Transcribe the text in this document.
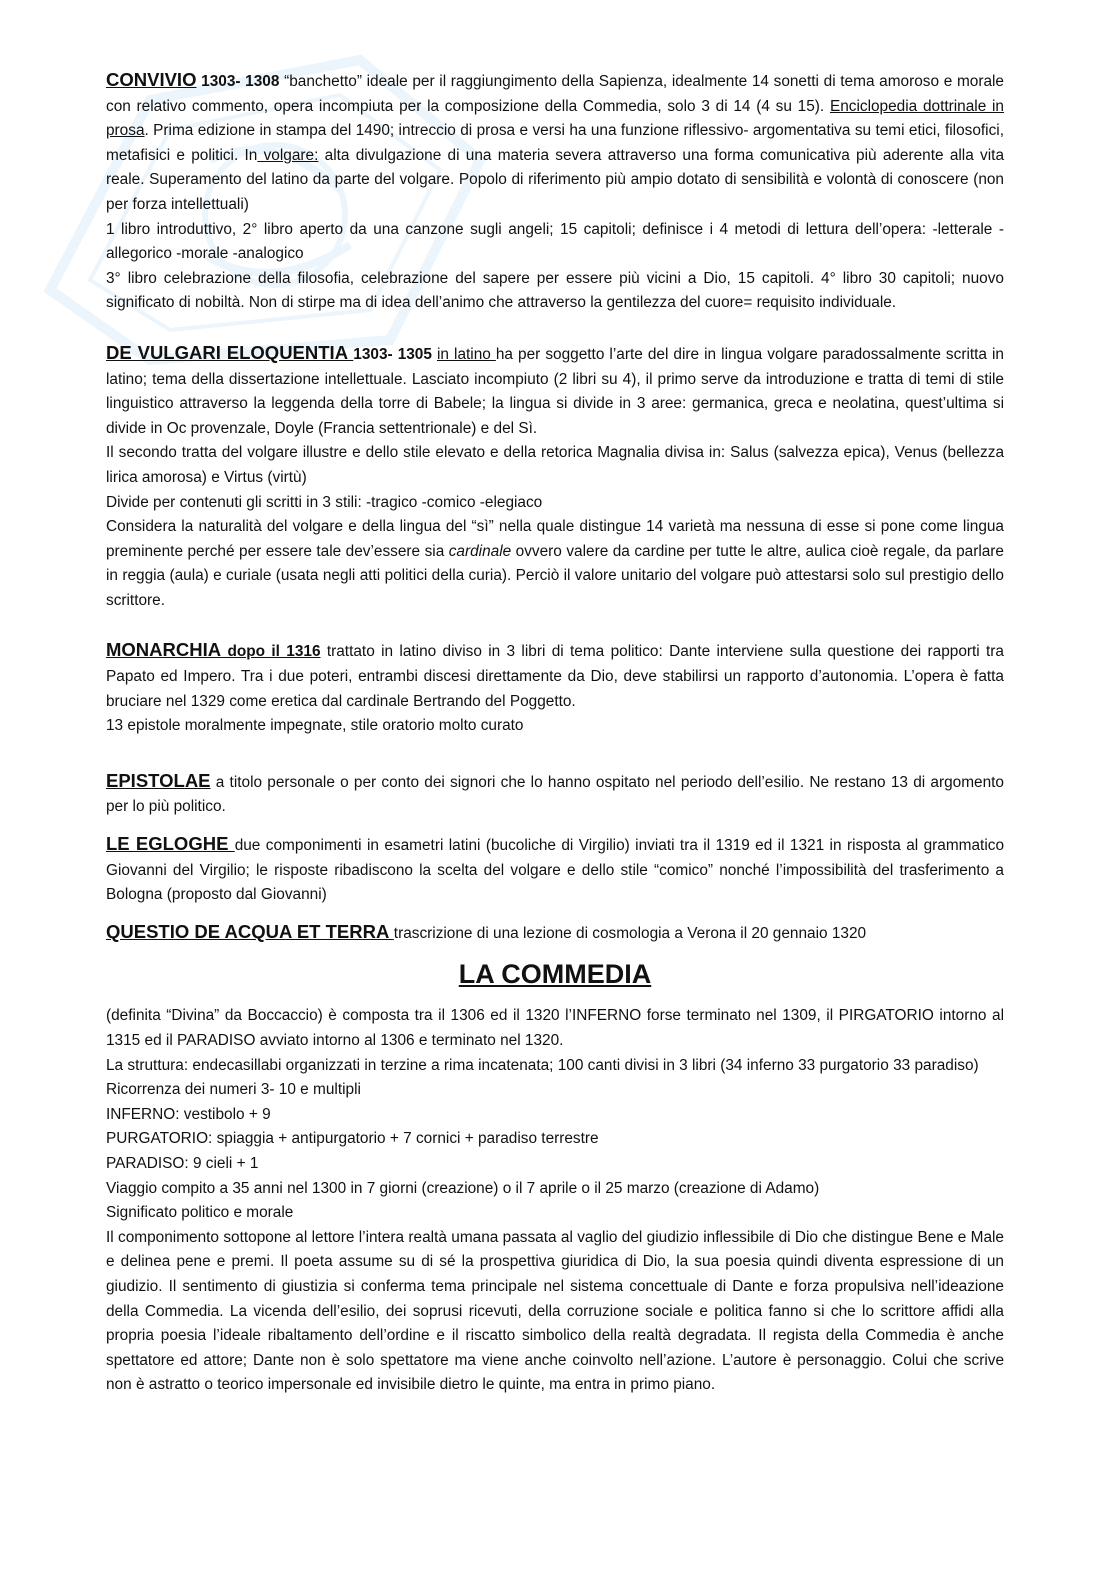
CONVIVIO 1303- 1308 “banchetto” ideale per il raggiungimento della Sapienza, idealmente 14 sonetti di tema amoroso e morale con relativo commento, opera incompiuta per la composizione della Commedia, solo 3 di 14 (4 su 15). Enciclopedia dottrinale in prosa. Prima edizione in stampa del 1490; intreccio di prosa e versi ha una funzione riflessivo- argomentativa su temi etici, filosofici, metafisici e politici. In volgare: alta divulgazione di una materia severa attraverso una forma comunicativa più aderente alla vita reale. Superamento del latino da parte del volgare. Popolo di riferimento più ampio dotato di sensibilità e volontà di conoscere (non per forza intellettuali)

1 libro introduttivo, 2° libro aperto da una canzone sugli angeli; 15 capitoli; definisce i 4 metodi di lettura dell’opera: -letterale -allegorico -morale -analogico

3° libro celebrazione della filosofia, celebrazione del sapere per essere più vicini a Dio, 15 capitoli. 4° libro 30 capitoli; nuovo significato di nobiltà. Non di stirpe ma di idea dell’animo che attraverso la gentilezza del cuore= requisito individuale.

DE VULGARI ELOQUENTIA 1303- 1305 in latino ha per soggetto l’arte del dire in lingua volgare paradossalmente scritta in latino; tema della dissertazione intellettuale. Lasciato incompiuto (2 libri su 4), il primo serve da introduzione e tratta di temi di stile linguistico attraverso la leggenda della torre di Babele; la lingua si divide in 3 aree: germanica, greca e neolatina, quest’ultima si divide in Oc provenzale, Doyle (Francia settentrionale) e del Sì.

Il secondo tratta del volgare illustre e dello stile elevato e della retorica Magnalia divisa in: Salus (salvezza epica), Venus (bellezza lirica amorosa) e Virtus (virtù)

Divide per contenuti gli scritti in 3 stili: -tragico -comico -elegiaco

Considera la naturalità del volgare e della lingua del “sì” nella quale distingue 14 varietà ma nessuna di esse si pone come lingua preminente perché per essere tale dev’essere sia cardinale ovvero valere da cardine per tutte le altre, aulica cioè regale, da parlare in reggia (aula) e curiale (usata negli atti politici della curia). Perciò il valore unitario del volgare può attestarsi solo sul prestigio dello scrittore.

MONARCHIA dopo il 1316 trattato in latino diviso in 3 libri di tema politico: Dante interviene sulla questione dei rapporti tra Papato ed Impero. Tra i due poteri, entrambi discesi direttamente da Dio, deve stabilirsi un rapporto d’autonomia. L’opera è fatta bruciare nel 1329 come eretica dal cardinale Bertrando del Poggetto.

13 epistole moralmente impegnate, stile oratorio molto curato

EPISTOLAE a titolo personale o per conto dei signori che lo hanno ospitato nel periodo dell’esilio. Ne restano 13 di argomento per lo più politico.

LE EGLOGHE due componimenti in esametri latini (bucoliche di Virgilio) inviati tra il 1319 ed il 1321 in risposta al grammatico Giovanni del Virgilio; le risposte ribadiscono la scelta del volgare e dello stile “comico” nonché l’impossibilità del trasferimento a Bologna (proposto dal Giovanni)

QUESTIO DE ACQUA ET TERRA trascrizione di una lezione di cosmologia a Verona il 20 gennaio 1320

LA COMMEDIA

(definita “Divina” da Boccaccio) è composta tra il 1306 ed il 1320 l’INFERNO forse terminato nel 1309, il PIRGATORIO intorno al 1315 ed il PARADISO avviato intorno al 1306 e terminato nel 1320.

La struttura: endecasillabi organizzati in terzine a rima incatenata; 100 canti divisi in 3 libri (34 inferno 33 purgatorio 33 paradiso)

Ricorrenza dei numeri 3- 10 e multipli

INFERNO: vestibolo + 9

PURGATORIO: spiaggia + antipurgatorio + 7 cornici + paradiso terrestre

PARADISO: 9 cieli + 1

Viaggio compito a 35 anni nel 1300 in 7 giorni (creazione) o il 7 aprile o il 25 marzo (creazione di Adamo)

Significato politico e morale

Il componimento sottopone al lettore l’intera realtà umana passata al vaglio del giudizio inflessibile di Dio che distingue Bene e Male e delinea pene e premi. Il poeta assume su di sé la prospettiva giuridica di Dio, la sua poesia quindi diventa espressione di un giudizio. Il sentimento di giustizia si conferma tema principale nel sistema concettuale di Dante e forza propulsiva nell’ideazione della Commedia. La vicenda dell’esilio, dei soprusi ricevuti, della corruzione sociale e politica fanno si che lo scrittore affidi alla propria poesia l’ideale ribaltamento dell’ordine e il riscatto simbolico della realtà degradata. Il regista della Commedia è anche spettatore ed attore; Dante non è solo spettatore ma viene anche coinvolto nell’azione. L’autore è personaggio. Colui che scrive non è astratto o teorico impersonale ed invisibile dietro le quinte, ma entra in primo piano.
